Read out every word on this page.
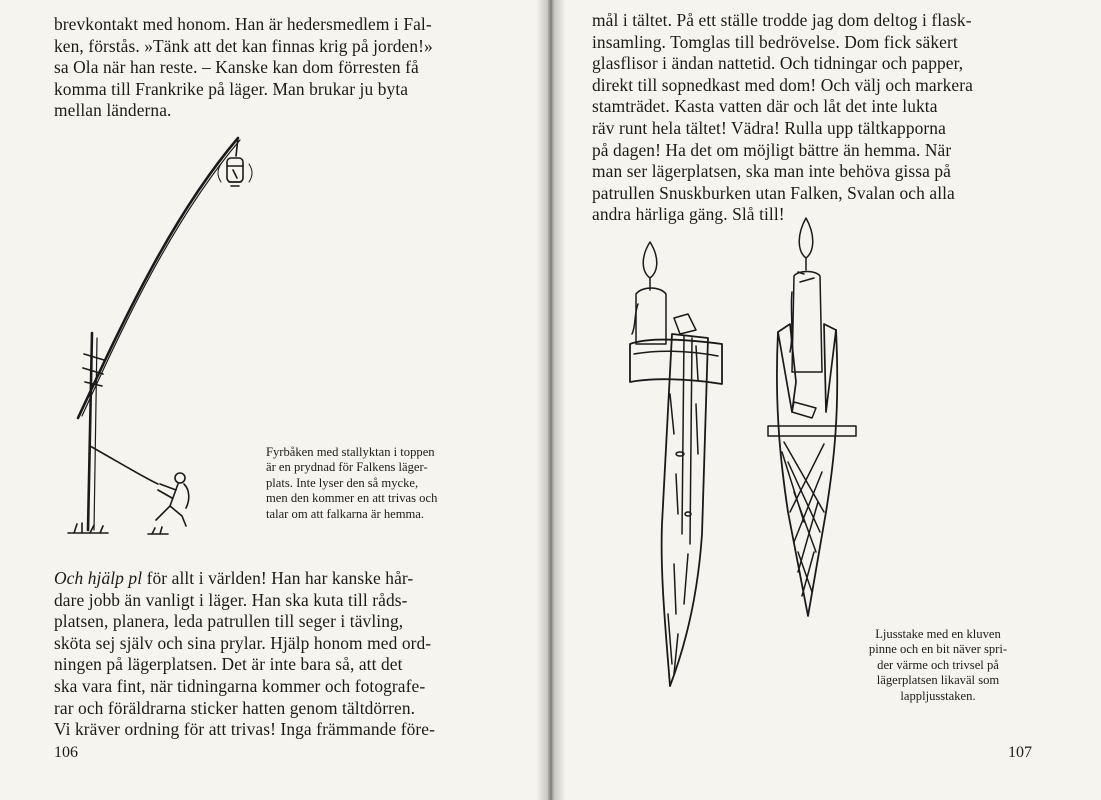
brevkontakt med honom. Han är hedersmedlem i Fal-

ken, förstås. »Tänk att det kan finnas krig på jorden!»

sa Ola när han reste. – Kanske kan dom förresten få

komma till Frankrike på läger. Man brukar ju byta

mellan länderna.

Fyrbåken med stallyktan i toppen

är en prydnad för Falkens läger-

plats. Inte lyser den så mycke,

men den kommer en att trivas och

talar om att falkarna är hemma.

Och hjälp pl för allt i världen! Han har kanske hår-

dare jobb än vanligt i läger. Han ska kuta till råds-

platsen, planera, leda patrullen till seger i tävling,

sköta sej själv och sina prylar. Hjälp honom med ord-

ningen på lägerplatsen. Det är inte bara så, att det

ska vara fint, när tidningarna kommer och fotografe-

rar och föräldrarna sticker hatten genom tältdörren.

Vi kräver ordning för att trivas! Inga främmande före-

106

mål i tältet. På ett ställe trodde jag dom deltog i flask-

insamling. Tomglas till bedrövelse. Dom fick säkert

glasflisor i ändan nattetid. Och tidningar och papper,

direkt till sopnedkast med dom! Och välj och markera

stamträdet. Kasta vatten där och låt det inte lukta

räv runt hela tältet! Vädra! Rulla upp tältkapporna

på dagen! Ha det om möjligt bättre än hemma. När

man ser lägerplatsen, ska man inte behöva gissa på

patrullen Snuskburken utan Falken, Svalan och alla

andra härliga gäng. Slå till!

Ljusstake med en kluven

pinne och en bit näver spri-

der värme och trivsel på

lägerplatsen likaväl som

lappljusstaken.

107
